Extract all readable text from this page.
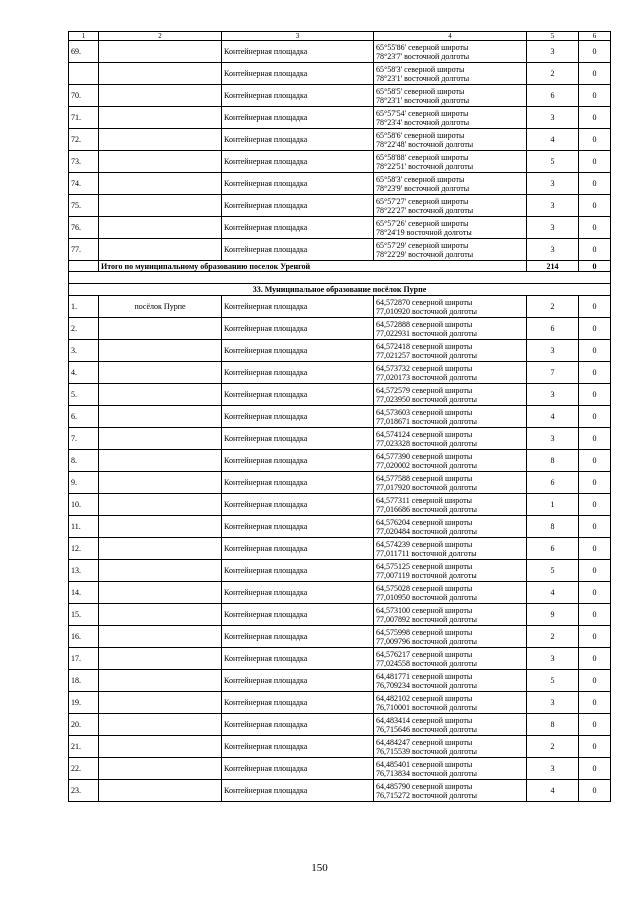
1	2	3	4	5	6
69.		Контейнерная площадка	65°55'86' северной широты
78°23'7' восточной долготы	3	0
		Контейнерная площадка	65°58'3' северной широты
78°23'1' восточной долготы	2	0
70.		Контейнерная площадка	65°58'5' северной широты
78°23'1' восточной долготы	6	0
71.		Контейнерная площадка	65°57'54' северной широты
78°23'4' восточной долготы	3	0
72.		Контейнерная площадка	65°58'6' северной широты
78°22'48' восточной долготы	4	0
73.		Контейнерная площадка	65°58'88' северной широты
78°22'51' восточной долготы	5	0
74.		Контейнерная площадка	65°58'3' северной широты
78°23'9' восточной долготы	3	0
75.		Контейнерная площадка	65°57'27' северной широты
78°22'27' восточной долготы	3	0
76.		Контейнерная площадка	65°57'26' северной широты
78°24'19 восточной долготы	3	0
77.		Контейнерная площадка	65°57'29' северной широты
78°22'29' восточной долготы	3	0
	Итого по муниципальному образованию поселок Уренгой			214	0

33. Муниципальное образование посёлок Пурпе					
1.	посёлок Пурпе	Контейнерная площадка	64,572870 северной широты
77,010920 восточной долготы	2	0
2.		Контейнерная площадка	64,572888 северной широты
77,022931 восточной долготы	6	0
3.		Контейнерная площадка	64,572418 северной широты
77,021257 восточной долготы	3	0
4.		Контейнерная площадка	64,573732 северной широты
77,020173 восточной долготы	7	0
5.		Контейнерная площадка	64,572579 северной широты
77,023950 восточной долготы	3	0
6.		Контейнерная площадка	64,573603 северной широты
77,018671 восточной долготы	4	0
7.		Контейнерная площадка	64,574124 северной широты
77,023328 восточной долготы	3	0
8.		Контейнерная площадка	64,577390 северной широты
77,020002 восточной долготы	8	0
9.		Контейнерная площадка	64,577588 северной широты
77,017920 восточной долготы	6	0
10.		Контейнерная площадка	64,577311 северной широты
77,016686 восточной долготы	1	0
11.		Контейнерная площадка	64,576204 северной широты
77,020484 восточной долготы	8	0
12.		Контейнерная площадка	64,574239 северной широты
77,011711 восточной долготы	6	0
13.		Контейнерная площадка	64,575125 северной широты
77,007119 восточной долготы	5	0
14.		Контейнерная площадка	64,575028 северной широты
77,010950 восточной долготы	4	0
15.		Контейнерная площадка	64,573100 северной широты
77,007892 восточной долготы	9	0
16.		Контейнерная площадка	64,575998 северной широты
77,009796 восточной долготы	2	0
17.		Контейнерная площадка	64,576217 северной широты
77,024558 восточной долготы	3	0
18.		Контейнерная площадка	64,481771 северной широты
76,709234 восточной долготы	5	0
19.		Контейнерная площадка	64,482102 северной широты
76,710001 восточной долготы	3	0
20.		Контейнерная площадка	64,483414 северной широты
76,715646 восточной долготы	8	0
21.		Контейнерная площадка	64,484247 северной широты
76,715539 восточной долготы	2	0
22.		Контейнерная площадка	64,485401 северной широты
76,713834 восточной долготы	3	0
23.		Контейнерная площадка	64,485790 северной широты
76,715272 восточной долготы	4	0
150
